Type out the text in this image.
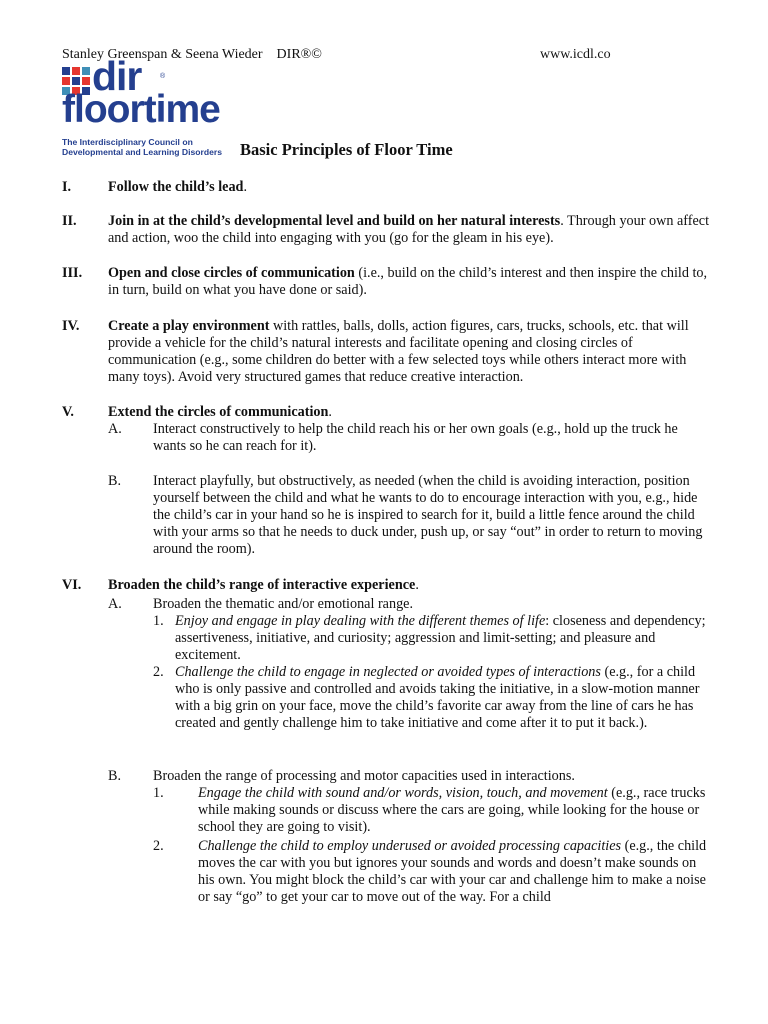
Stanley Greenspan & Seena Wieder    DIR®©	www.icdl.co
dir	®
floortime
The Interdisciplinary Council on
Developmental and Learning Disorders Basic Principles of Floor Time
I.	Follow the child’s lead.
II. Join in at the child’s developmental level and build on her natural interests. Through your own affect and action, woo the child into engaging with you (go for the gleam in his eye).
III. Open and close circles of communication (i.e., build on the child’s interest and then inspire the child to, in turn, build on what you have done or said).
IV. Create a play environment with rattles, balls, dolls, action figures, cars, trucks, schools, etc. that will provide a vehicle for the child’s natural interests and facilitate opening and closing circles of communication (e.g., some children do better with a few selected toys while others interact more with many toys). Avoid very structured games that reduce creative interaction.
V. Extend the circles of communication.
A. Interact constructively to help the child reach his or her own goals (e.g., hold up the truck he wants so he can reach for it).
B. Interact playfully, but obstructively, as needed (when the child is avoiding interaction, position yourself between the child and what he wants to do to encourage interaction with you, e.g., hide the child’s car in your hand so he is inspired to search for it, build a little fence around the child with your arms so that he needs to duck under, push up, or say “out” in order to return to moving around the room).
VI. Broaden the child’s range of interactive experience.
A. Broaden the thematic and/or emotional range.
1. Enjoy and engage in play dealing with the different themes of life: closeness and dependency; assertiveness, initiative, and curiosity; aggression and limit-setting; and pleasure and excitement.
2. Challenge the child to engage in neglected or avoided types of interactions (e.g., for a child who is only passive and controlled and avoids taking the initiative, in a slow-motion manner with a big grin on your face, move the child’s favorite car away from the line of cars he has created and gently challenge him to take initiative and come after it to put it back.).
B. Broaden the range of processing and motor capacities used in interactions.
1. Engage the child with sound and/or words, vision, touch, and movement (e.g., race trucks while making sounds or discuss where the cars are going, while looking for the house or school they are going to visit).
2. Challenge the child to employ underused or avoided processing capacities (e.g., the child moves the car with you but ignores your sounds and words and doesn’t make sounds on his own. You might block the child’s car with your car and challenge him to make a noise or say “go” to get your car to move out of the way. For a child
